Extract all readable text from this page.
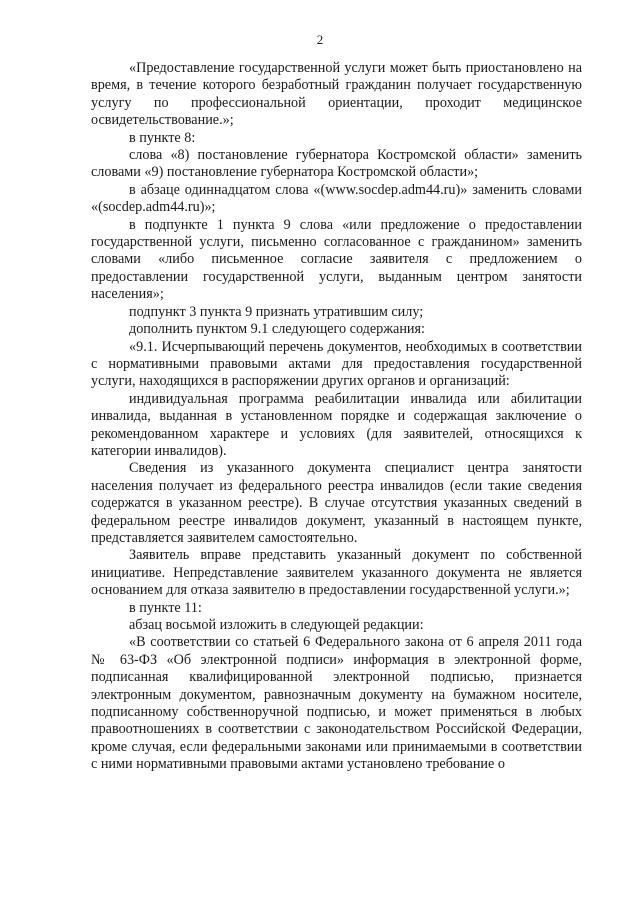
2

«Предоставление государственной услуги может быть приостановлено на время, в течение которого безработный гражданин получает государственную услугу по профессиональной ориентации, проходит медицинское освидетельствование.»;

в пункте 8:

слова «8) постановление губернатора Костромской области» заменить словами «9) постановление губернатора Костромской области»;

в абзаце одиннадцатом слова «(www.socdep.adm44.ru)» заменить словами «(socdep.adm44.ru)»;

в подпункте 1 пункта 9 слова «или предложение о предоставлении государственной услуги, письменно согласованное с гражданином» заменить словами «либо письменное согласие заявителя с предложением о предоставлении государственной услуги, выданным центром занятости населения»;

подпункт 3 пункта 9 признать утратившим силу;

дополнить пунктом 9.1 следующего содержания:

«9.1. Исчерпывающий перечень документов, необходимых в соответствии с нормативными правовыми актами для предоставления государственной услуги, находящихся в распоряжении других органов и организаций:

индивидуальная программа реабилитации инвалида или абилитации инвалида, выданная в установленном порядке и содержащая заключение о рекомендованном характере и условиях (для заявителей, относящихся к категории инвалидов).

Сведения из указанного документа специалист центра занятости населения получает из федерального реестра инвалидов (если такие сведения содержатся в указанном реестре). В случае отсутствия указанных сведений в федеральном реестре инвалидов документ, указанный в настоящем пункте, представляется заявителем самостоятельно.

Заявитель вправе представить указанный документ по собственной инициативе. Непредставление заявителем указанного документа не является основанием для отказа заявителю в предоставлении государственной услуги.»;

в пункте 11:

абзац восьмой изложить в следующей редакции:

«В соответствии со статьей 6 Федерального закона от 6 апреля 2011 года № 63-ФЗ «Об электронной подписи» информация в электронной форме, подписанная квалифицированной электронной подписью, признается электронным документом, равнозначным документу на бумажном носителе, подписанному собственноручной подписью, и может применяться в любых правоотношениях в соответствии с законодательством Российской Федерации, кроме случая, если федеральными законами или принимаемыми в соответствии с ними нормативными правовыми актами установлено требование о
